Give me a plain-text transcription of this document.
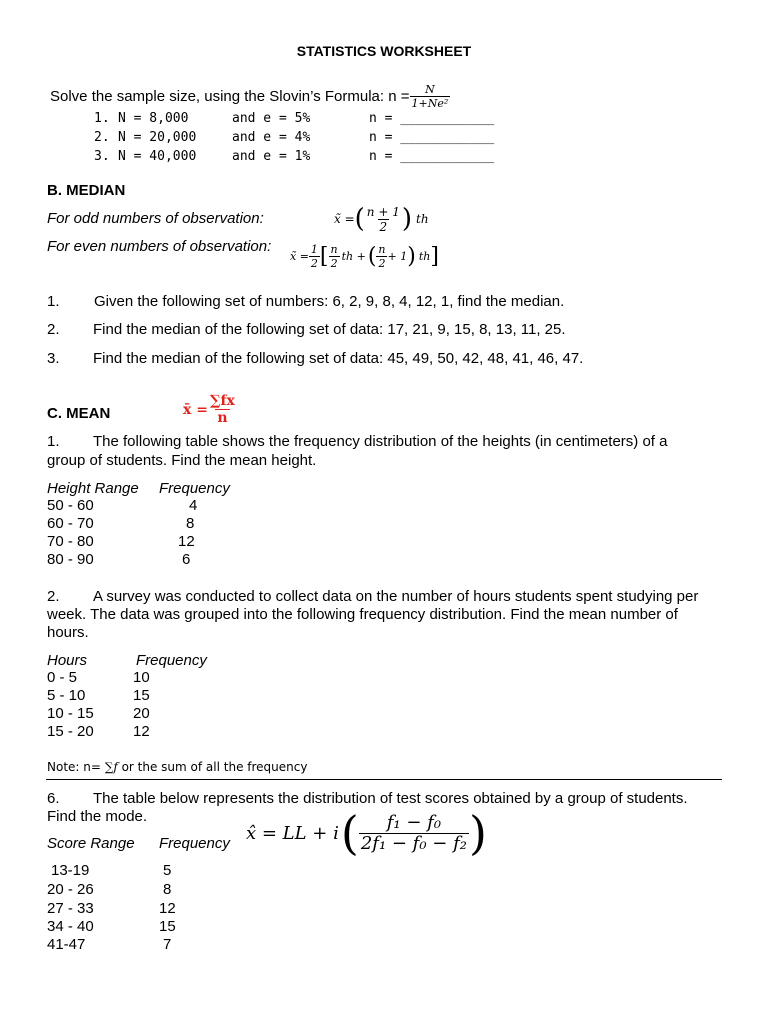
STATISTICS WORKSHEET
Solve the sample size, using the Slovin’s Formula: $n = \frac{N}{\text{1+Ne²}}$
1. N = 8,000	and e = 5%	n = ____________
2. N = 20,000	and e = 4%	n = ____________
3. N = 40,000	and e = 1%	n = ____________
B. MEDIAN
For odd numbers of observation:	x̃ = ( $\frac{n + 1}{2}$ ) th
For even numbers of observation:
x̃ = $\frac{1}{2}$ [ $\frac{n}{2}$ th + ( $\frac{n}{2} + 1$ ) th ]
1. Given the following set of numbers: 6, 2, 9, 8, 4, 12, 1, find the median.
2. Find the median of the following set of data: 17, 21, 9, 15, 8, 13, 11, 25.
3. Find the median of the following set of data: 45, 49, 50, 42, 48, 41, 46, 47.
C. MEAN	x̄ = $\frac{\sum fx}{n}$
1. The following table shows the frequency distribution of the heights (in centimeters) of a
group of students. Find the mean height.
Height Range Frequency
50 - 60	4
60 - 70	8
70 - 80	12
80 - 90	6
2. A survey was conducted to collect data on the number of hours students spent studying per
week. The data was grouped into the following frequency distribution. Find the mean number of
hours.
Hours	Frequency
0 - 5	10
5 - 10	15
10 - 15	20
15 - 20	12
Note: n= ∑f or the sum of all the frequency
6. The table below represents the distribution of test scores obtained by a group of students.
Find the mode.
x̂ = LL + i ( $\frac{\text{f₁ − f₀}}{\text{2f₁ − f₀ − f₂}}$ )
Score Range Frequency
13-19	5
20 - 26	8
27 - 33	12
34 - 40	15
41-47	7
